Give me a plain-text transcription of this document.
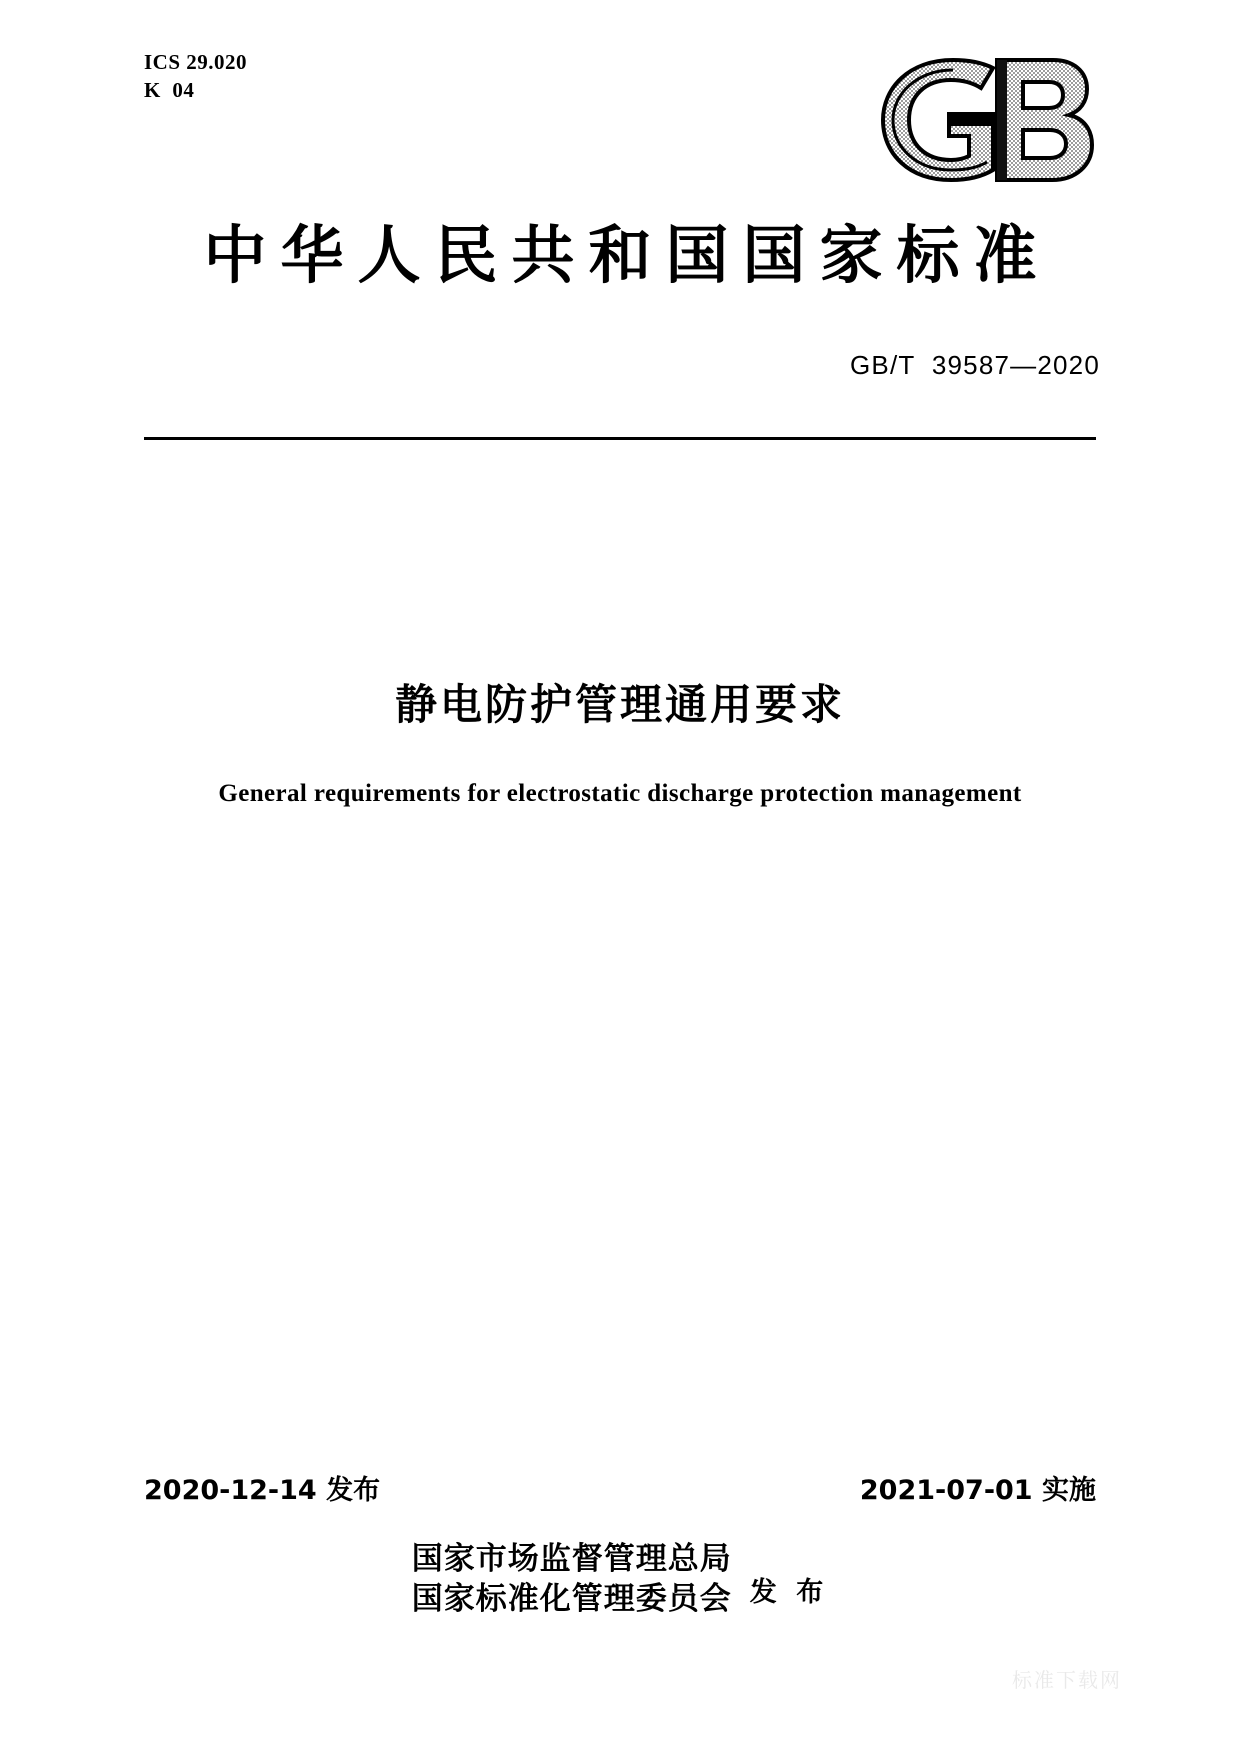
ICS 29.020
K  04
中华人民共和国国家标准
GB/T  39587—2020
静电防护管理通用要求
General requirements for electrostatic discharge protection management
2020-12-14 发布	2021-07-01 实施
国家市场监督管理总局
国家标准化管理委员会 发 布
标准下载网
